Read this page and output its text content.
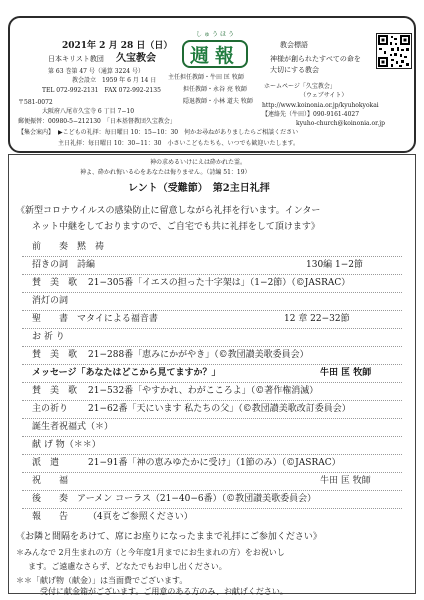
2021年 2 月 28 日（日）
日本キリスト教団 久宝教会
第 63 巻第 47 号（通算 3224 号）
教会設立　1959 年 6 月 14 日
TEL 072-992-2131　FAX 072-992-2135
〒581-0072
大阪府八尾市久宝寺 6 丁目 7−10
郵便振替：00980-5−212130　「日本基督教団久宝教会」
しゅうほう
週報
主任担任教師・牛田 匡 牧師
担任教師・永谷 亮 牧師
隠退教師・小林 道夫 牧師
教会標語
神様が創られたすべての命を
大切にする教会
ホームページ「久宝教会」
（ウェブサイト）
http://www.koinonia.or.jp/kyuhokyokai
【連絡先（牛田）】090-9161-4027
kyuho-church@koinonia.or.jp
【集会案内】 ▶こどもの礼拝：毎日曜日 10：15−10：30　何かお尋ねがありましたらご相談ください
主日礼拝：毎日曜日 10：30−11：30　小さいこどもたちも、いつでも歓迎いたします。
神の求めるいけにえは砕かれた霊。
神よ、砕かれ悔いる心をあなたは侮りません。（詩編 51：19）
レント（受難節）　第2主日礼拝
《新型コロナウイルスの感染防止に留意しながら礼拝を行います。インター
ネット中継をしておりますので、ご自宅でも共に礼拝をして頂けます》
前　　奏　黙　祷
招きの詞　詩編	130編 1−2節
賛　美　歌 21−305番「イエスの担った十字架は」（1−2節）（©JASRAC）
消灯の詞
聖　　書　マタイによる福音書	12 章 22−32節
お 祈 り
賛　美　歌 21−288番「恵みにかがやき」（©教団讃美歌委員会）
メッセージ「あなたはどこから見てますか？」	牛田 匡 牧師
賛　美　歌 21−532番「やすかれ、わがこころよ」（©著作権消滅）
主の祈り 21−62番「天にいます 私たちの父」（©教団讃美歌改訂委員会）
誕生者祝福式（＊）
献 げ 物（＊＊）
派　遣	21−91番「神の恵みゆたかに受け」（1節のみ）（©JASRAC）
祝　　福	牛田 匡 牧師
後　　奏　アーメン コーラス（21−40−6番）（©教団讃美歌委員会）
報　　告 （4頁をご参照ください）
《お隣と間隔をあけて、席にお座りになったままで礼拝にご参加ください》
＊みんなで 2月生まれの方（と今年度1月までにお生まれの方）をお祝いし
ます。ご遠慮なさらず、どなたでもお申し出ください。
＊＊「献げ物（献金）」は当面費でございます。
受付に献金箱がございます。ご用意のある方のみ、お献げください。
